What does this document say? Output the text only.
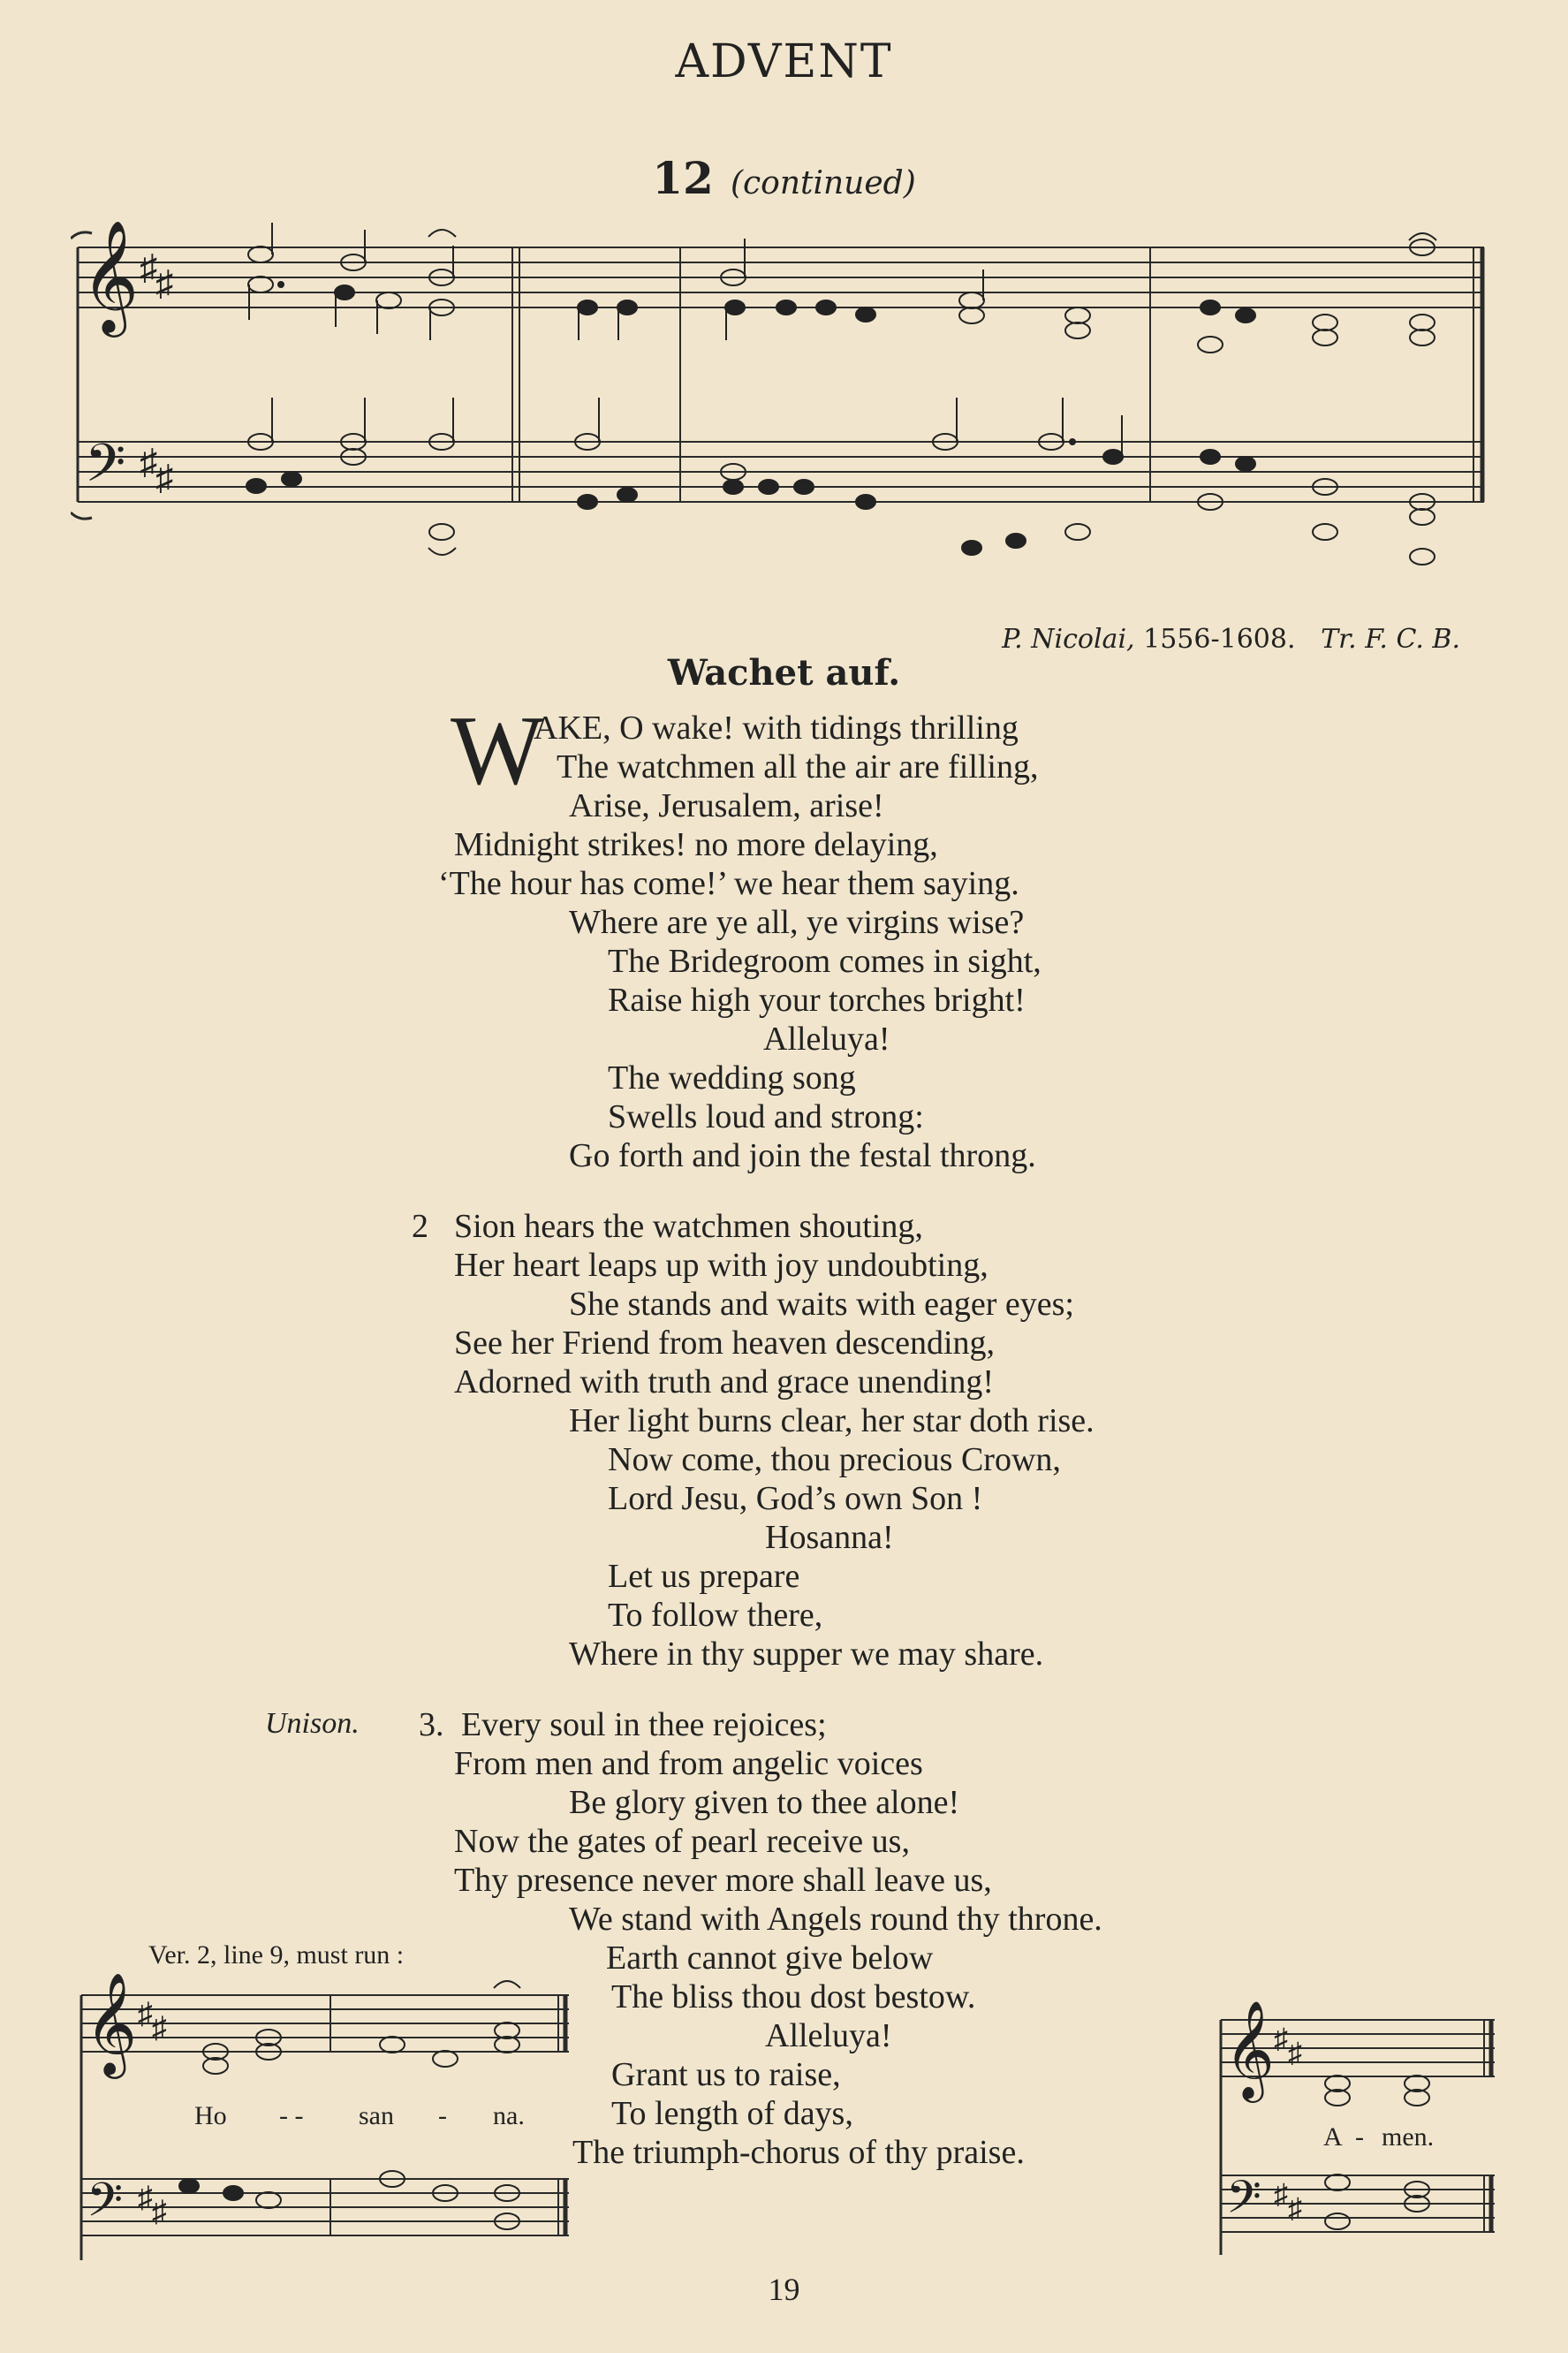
ADVENT
12 (continued)
𝄞 ♯
♯
𝄢 ♯
♯
P. Nicolai, 1556-1608. Tr. F. C. B.
Wachet auf.
W
AKE, O wake! with tidings thrilling
The watchmen all the air are filling,
Arise, Jerusalem, arise!
Midnight strikes! no more delaying,
‘The hour has come!’ we hear them saying.
Where are ye all, ye virgins wise?
The Bridegroom comes in sight,
Raise high your torches bright!
Alleluya!
The wedding song
Swells loud and strong:
Go forth and join the festal throng.
2 Sion hears the watchmen shouting,
Her heart leaps up with joy undoubting,
She stands and waits with eager eyes;
See her Friend from heaven descending,
Adorned with truth and grace unending!
Her light burns clear, her star doth rise.
Now come, thou precious Crown,
Lord Jesu, God’s own Son !
Hosanna!
Let us prepare
To follow there,
Where in thy supper we may share.
Unison. 3. Every soul in thee rejoices;
From men and from angelic voices
Be glory given to thee alone!
Now the gates of pearl receive us,
Thy presence never more shall leave us,
We stand with Angels round thy throne.
Earth cannot give below
The bliss thou dost bestow.
Alleluya!
Grant us to raise,
To length of days,
The triumph-chorus of thy praise.
Ver. 2, line 9, must run :
𝄞 ♯ ♯
𝄢 ♯ ♯
Ho - - san - na.
𝄞 ♯ ♯
𝄢 ♯ ♯
A - men.
19
